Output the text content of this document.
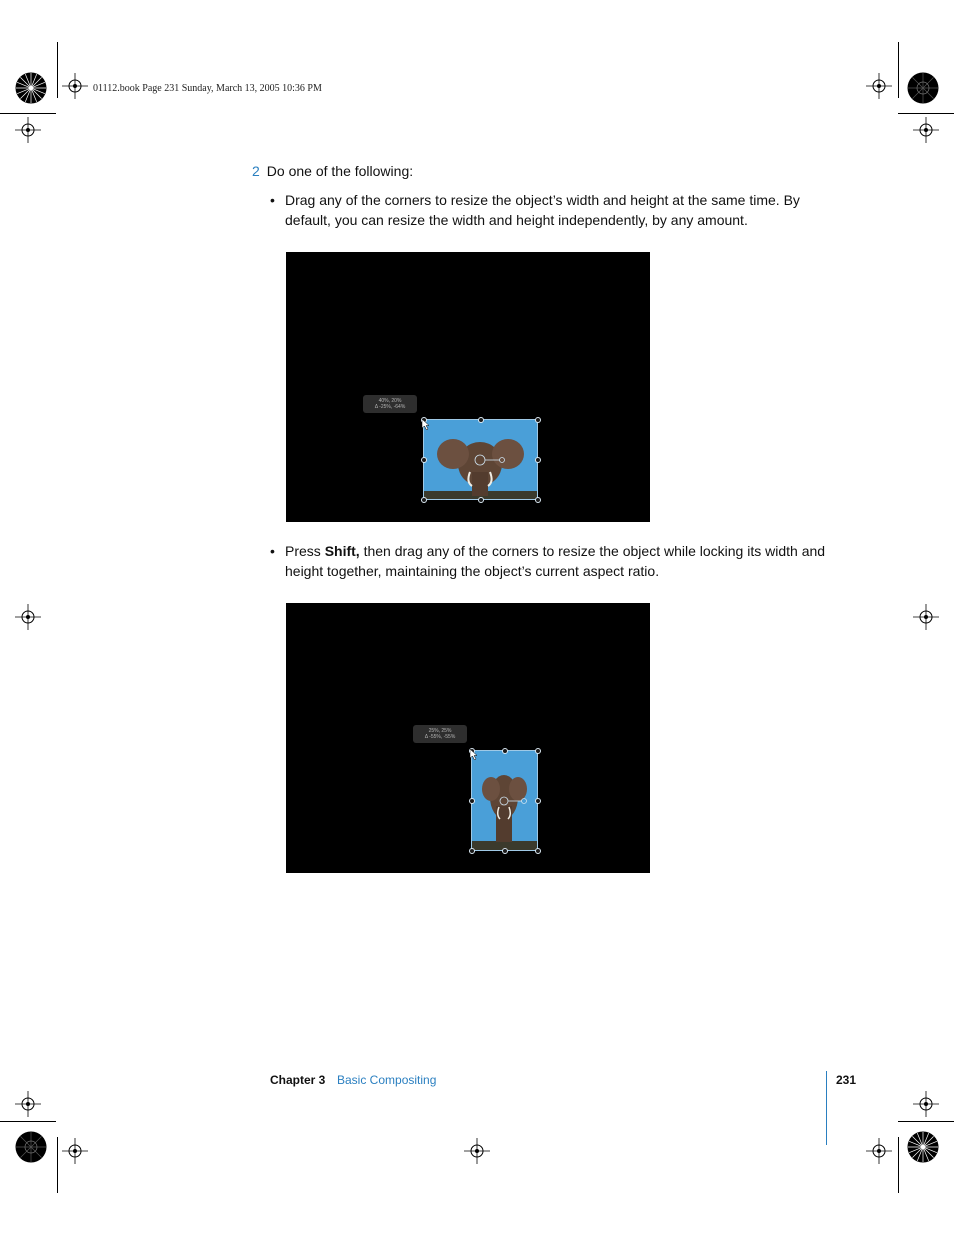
01112.book Page 231 Sunday, March 13, 2005 10:36 PM
2 Do one of the following:
• Drag any of the corners to resize the object’s width and height at the same time. By default, you can resize the width and height independently, by any amount.
40%, 20%
Δ -25%, -64%
• Press Shift, then drag any of the corners to resize the object while locking its width and height together, maintaining the object’s current aspect ratio.
25%, 25%
Δ -55%, -55%
Chapter 3 Basic Compositing	231
